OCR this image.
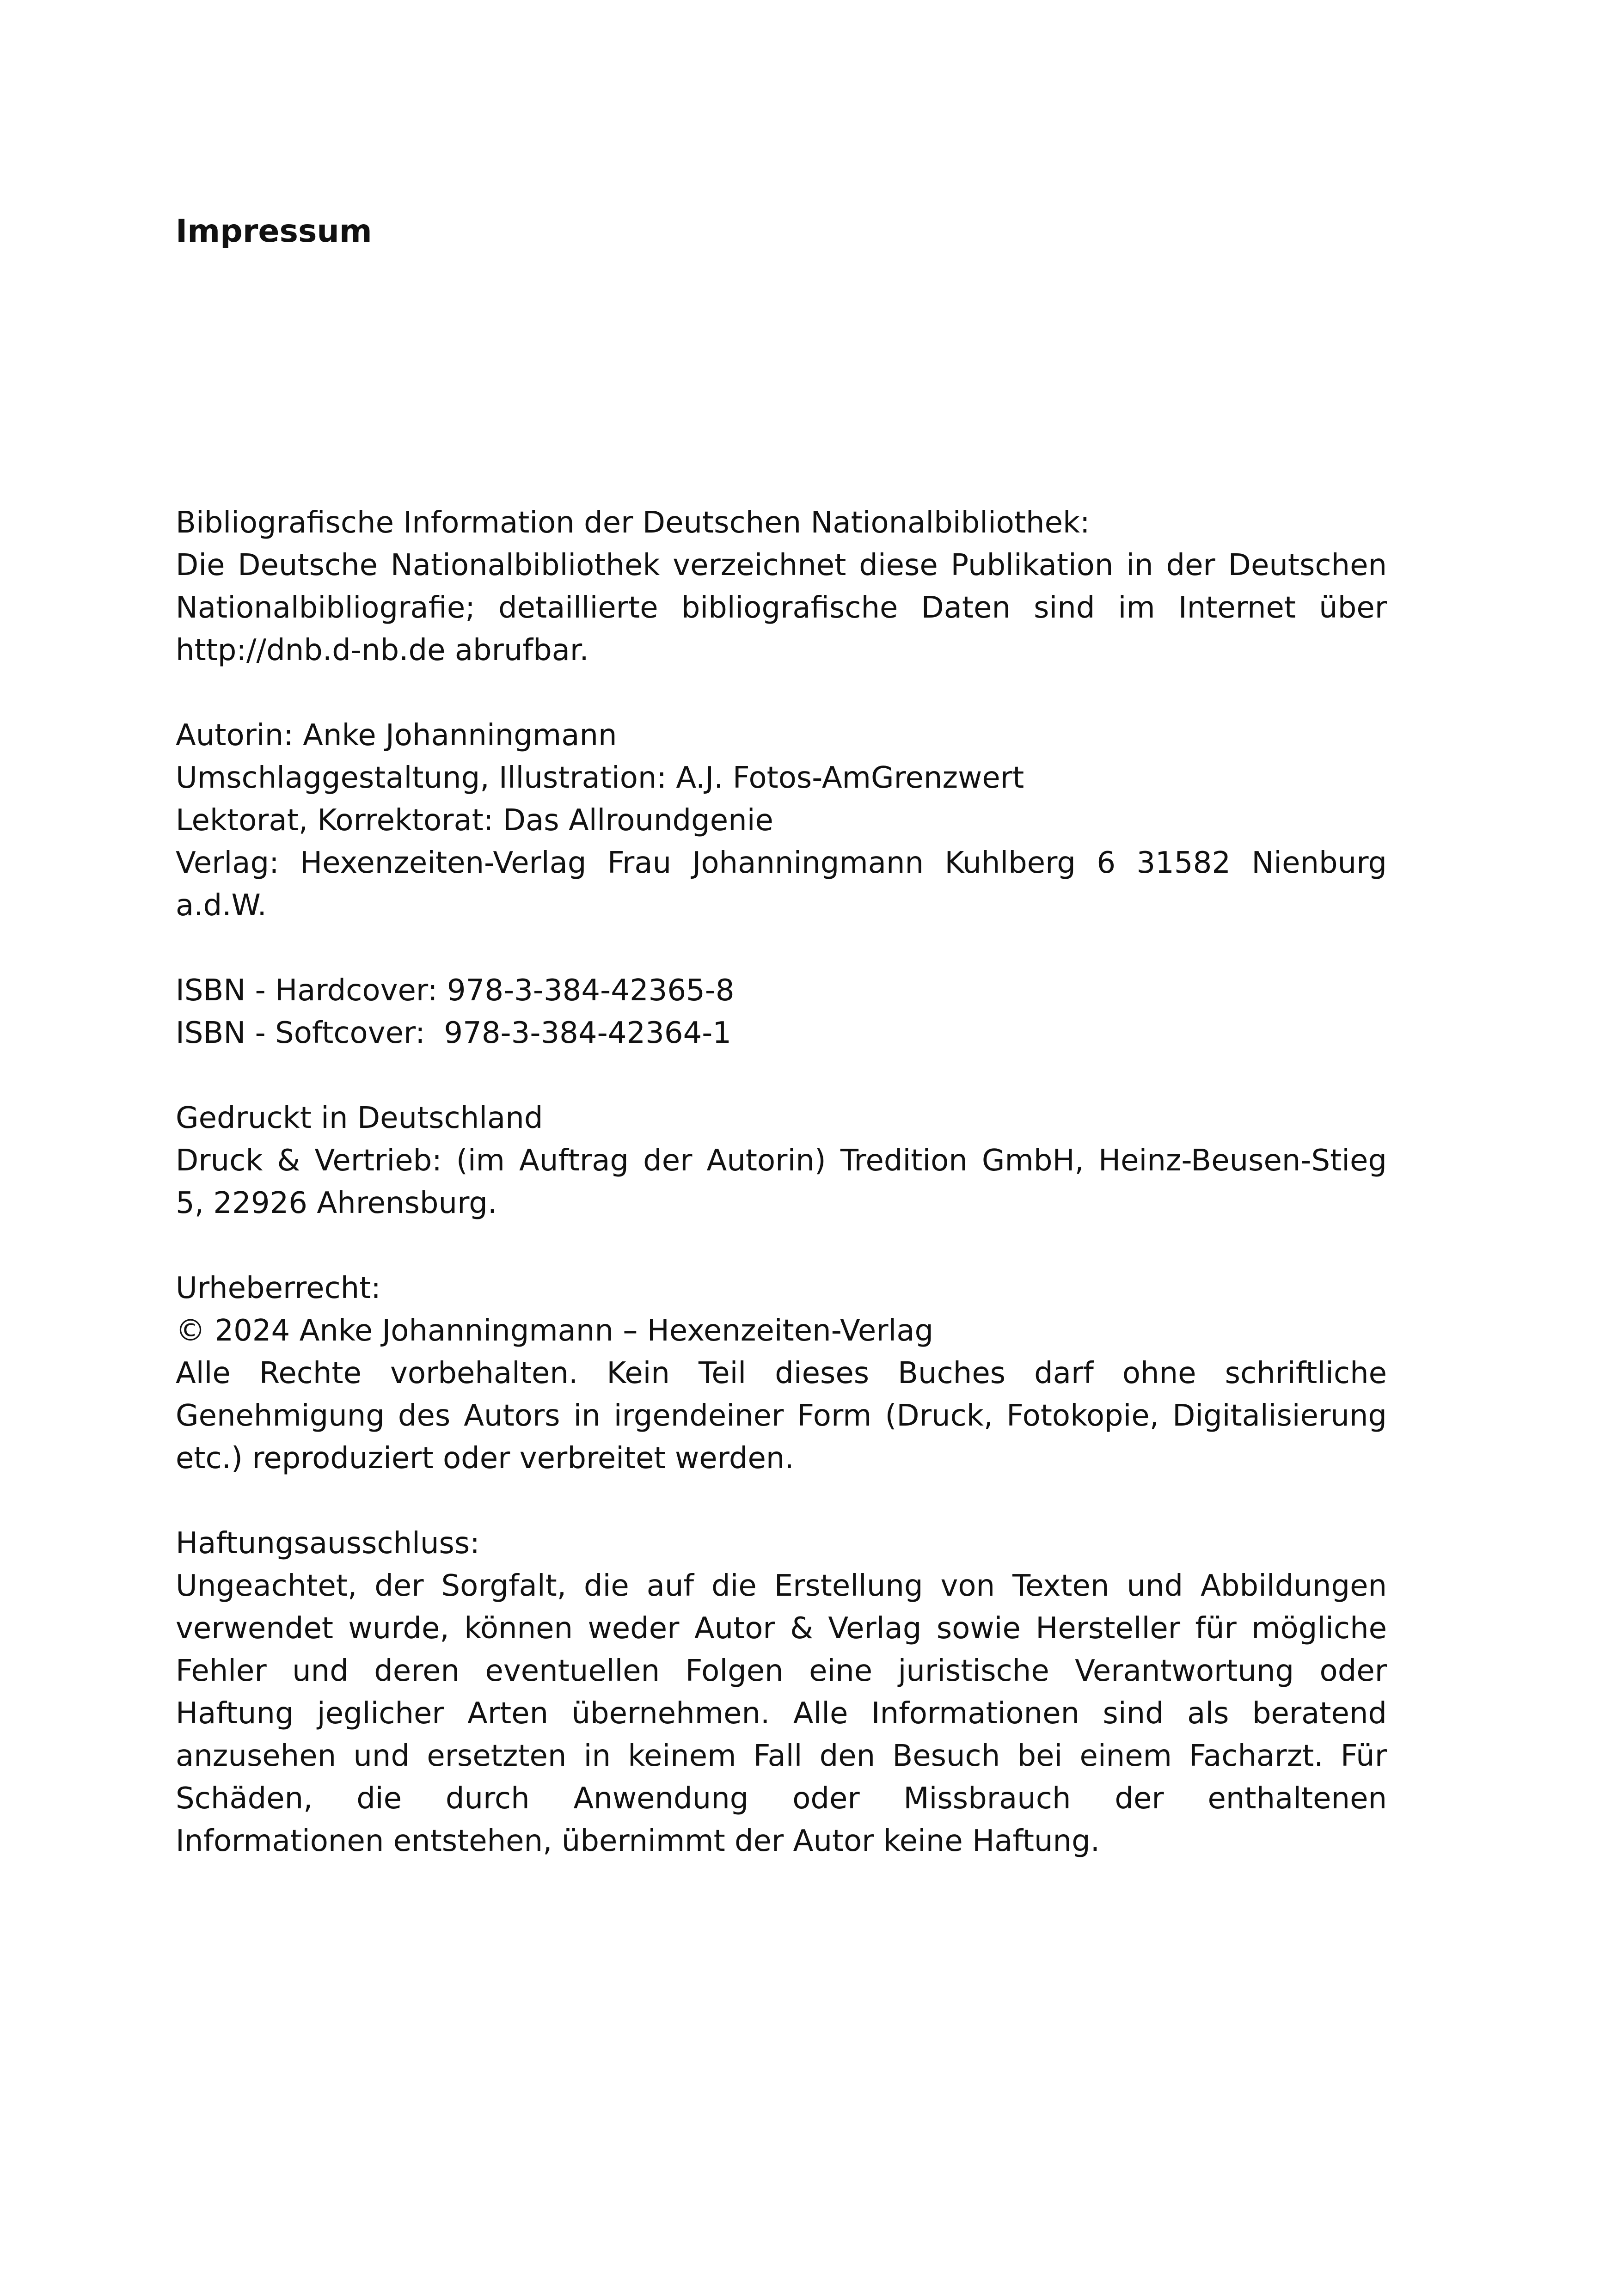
Impressum
Bibliografische Information der Deutschen Nationalbibliothek:
Die Deutsche Nationalbibliothek verzeichnet diese Publikation in der Deutschen
Nationalbibliografie; detaillierte bibliografische Daten sind im Internet über
http://dnb.d-nb.de abrufbar.
Autorin: Anke Johanningmann
Umschlaggestaltung, Illustration: A.J. Fotos-AmGrenzwert
Lektorat, Korrektorat: Das Allroundgenie
Verlag: Hexenzeiten-Verlag Frau Johanningmann Kuhlberg 6 31582 Nienburg
a.d.W.
ISBN - Hardcover: 978-3-384-42365-8
ISBN - Softcover:  978-3-384-42364-1
Gedruckt in Deutschland
Druck & Vertrieb: (im Auftrag der Autorin) Tredition GmbH, Heinz-Beusen-Stieg
5, 22926 Ahrensburg.
Urheberrecht:
© 2024 Anke Johanningmann – Hexenzeiten-Verlag
Alle Rechte vorbehalten. Kein Teil dieses Buches darf ohne schriftliche
Genehmigung des Autors in irgendeiner Form (Druck, Fotokopie, Digitalisierung
etc.) reproduziert oder verbreitet werden.
Haftungsausschluss:
Ungeachtet, der Sorgfalt, die auf die Erstellung von Texten und Abbildungen
verwendet wurde, können weder Autor & Verlag sowie Hersteller für mögliche
Fehler und deren eventuellen Folgen eine juristische Verantwortung oder
Haftung jeglicher Arten übernehmen. Alle Informationen sind als beratend
anzusehen und ersetzten in keinem Fall den Besuch bei einem Facharzt. Für
Schäden, die durch Anwendung oder Missbrauch der enthaltenen
Informationen entstehen, übernimmt der Autor keine Haftung.
